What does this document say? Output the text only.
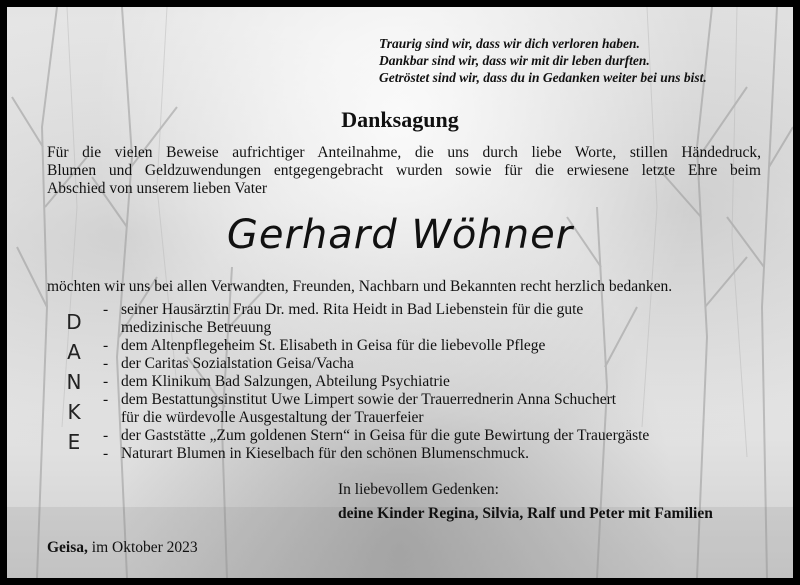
Traurig sind wir, dass wir dich verloren haben.
Dankbar sind wir, dass wir mit dir leben durften.
Getröstet sind wir, dass du in Gedanken weiter bei uns bist.
Danksagung
Für die vielen Beweise aufrichtiger Anteilnahme, die uns durch liebe Worte, stillen Händedruck,
Blumen und Geldzuwendungen entgegengebracht wurden sowie für die erwiesene letzte Ehre beim
Abschied von unserem lieben Vater
Gerhard Wöhner
möchten wir uns bei allen Verwandten, Freunden, Nachbarn und Bekannten recht herzlich bedanken.
D
A
N
K
E
- seiner Hausärztin Frau Dr. med. Rita Heidt in Bad Liebenstein für die gute
medizinische Betreuung
- dem Altenpflegeheim St. Elisabeth in Geisa für die liebevolle Pflege
- der Caritas Sozialstation Geisa/Vacha
- dem Klinikum Bad Salzungen, Abteilung Psychiatrie
- dem Bestattungsinstitut Uwe Limpert sowie der Trauerrednerin Anna Schuchert
für die würdevolle Ausgestaltung der Trauerfeier
- der Gaststätte „Zum goldenen Stern“ in Geisa für die gute Bewirtung der Trauergäste
- Naturart Blumen in Kieselbach für den schönen Blumenschmuck.
In liebevollem Gedenken:
deine Kinder Regina, Silvia, Ralf und Peter mit Familien
Geisa, im Oktober 2023
